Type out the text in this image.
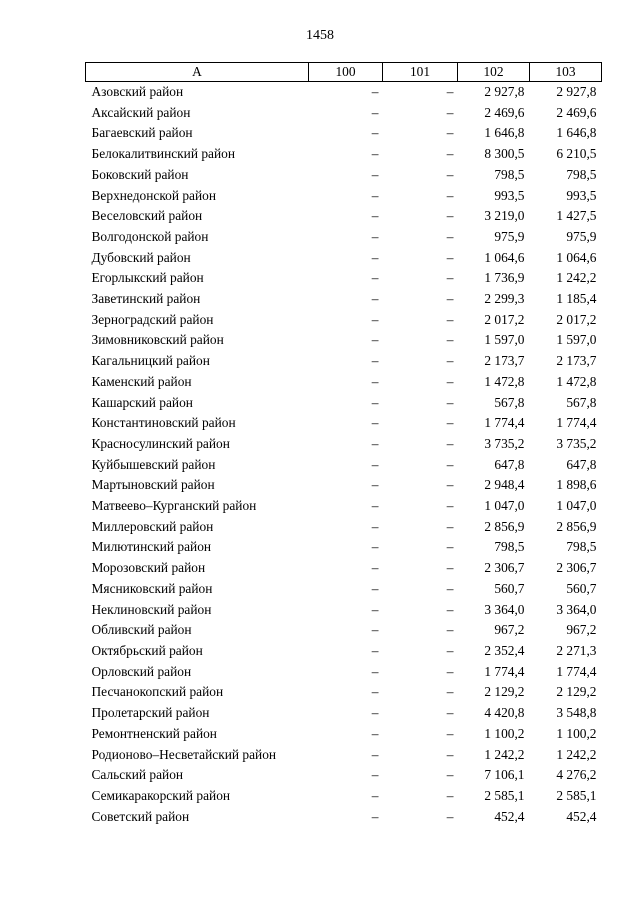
1458
А	100	101	102	103
Азовский район	–	–	2 927,8	2 927,8
Аксайский район	–	–	2 469,6	2 469,6
Багаевский район	–	–	1 646,8	1 646,8
Белокалитвинский район	–	–	8 300,5	6 210,5
Боковский район	–	–	798,5	798,5
Верхнедонской район	–	–	993,5	993,5
Веселовский район	–	–	3 219,0	1 427,5
Волгодонской район	–	–	975,9	975,9
Дубовский район	–	–	1 064,6	1 064,6
Егорлыкский район	–	–	1 736,9	1 242,2
Заветинский район	–	–	2 299,3	1 185,4
Зерноградский район	–	–	2 017,2	2 017,2
Зимовниковский район	–	–	1 597,0	1 597,0
Кагальницкий район	–	–	2 173,7	2 173,7
Каменский район	–	–	1 472,8	1 472,8
Кашарский район	–	–	567,8	567,8
Константиновский район	–	–	1 774,4	1 774,4
Красносулинский район	–	–	3 735,2	3 735,2
Куйбышевский район	–	–	647,8	647,8
Мартыновский район	–	–	2 948,4	1 898,6
Матвеево–Курганский район	–	–	1 047,0	1 047,0
Миллеровский район	–	–	2 856,9	2 856,9
Милютинский район	–	–	798,5	798,5
Морозовский район	–	–	2 306,7	2 306,7
Мясниковский район	–	–	560,7	560,7
Неклиновский район	–	–	3 364,0	3 364,0
Обливский район	–	–	967,2	967,2
Октябрьский район	–	–	2 352,4	2 271,3
Орловский район	–	–	1 774,4	1 774,4
Песчанокопский район	–	–	2 129,2	2 129,2
Пролетарский район	–	–	4 420,8	3 548,8
Ремонтненский район	–	–	1 100,2	1 100,2
Родионово–Несветайский район	–	–	1 242,2	1 242,2
Сальский район	–	–	7 106,1	4 276,2
Семикаракорский район	–	–	2 585,1	2 585,1
Советский район	–	–	452,4	452,4
